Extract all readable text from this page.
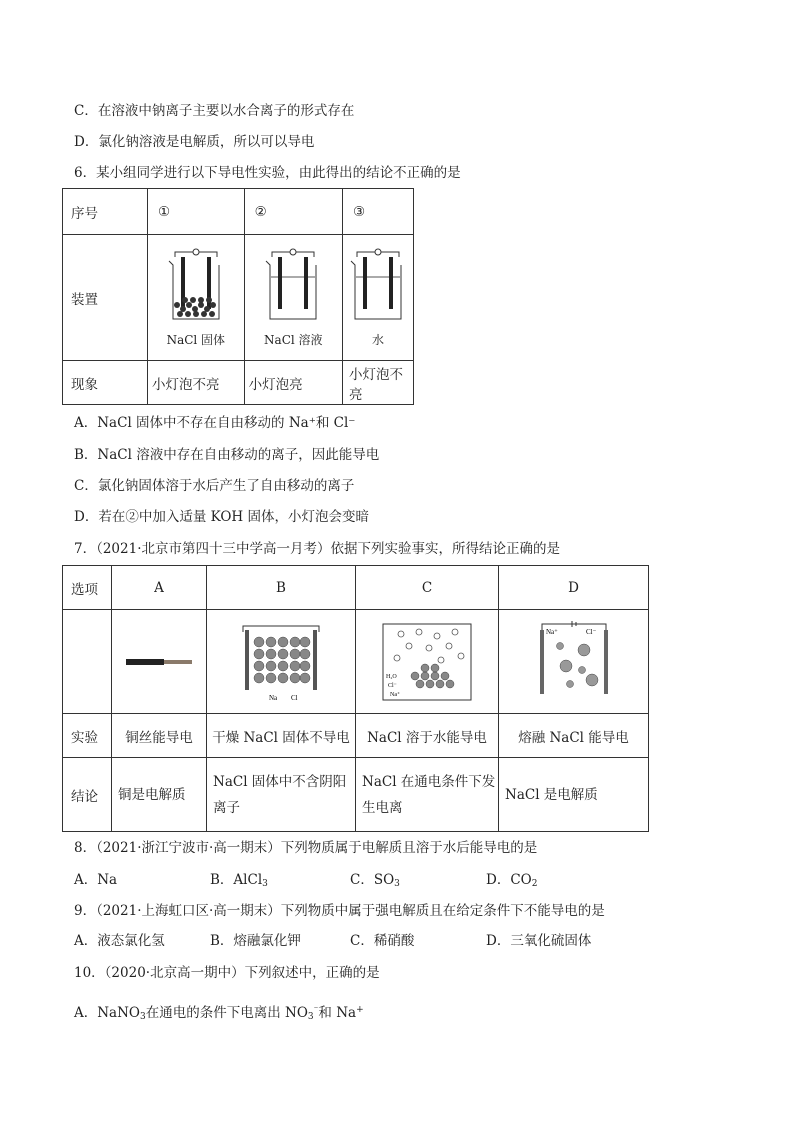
C．在溶液中钠离子主要以水合离子的形式存在
D．氯化钠溶液是电解质，所以可以导电
6．某小组同学进行以下导电性实验，由此得出的结论不正确的是
序号	①	②	③
装置	NaCl 固体	NaCl 溶液	水

现象	小灯泡不亮	小灯泡亮	小灯泡不亮
A．NaCl 固体中不存在自由移动的 Na⁺和 Cl⁻
B．NaCl 溶液中存在自由移动的离子，因此能导电
C．氯化钠固体溶于水后产生了自由移动的离子
D．若在②中加入适量 KOH 固体，小灯泡会变暗
7．（2021·北京市第四十三中学高一月考）依据下列实验事实，所得结论正确的是
选项	A	B	C	D

Na Cl	H₂O
Cl⁻
Na⁺	Na⁺ Cl⁻

实验	铜丝能导电	干燥 NaCl 固体不导电	NaCl 溶于水能导电	熔融 NaCl 能导电
结论	铜是电解质	NaCl 固体中不含阴阳离子	NaCl 在通电条件下发生电离	NaCl 是电解质
8．（2021·浙江宁波市·高一期末）下列物质属于电解质且溶于水后能导电的是
A．Na	B．AlCl$_3$	C．$SO_3$	D．$CO_2$
9．（2021·上海虹口区·高一期末）下列物质中属于强电解质且在给定条件下不能导电的是
A．液态氯化氢	B．熔融氯化钾	C．稀硝酸	D．三氧化硫固体
10．（2020·北京高一期中）下列叙述中，正确的是
A．NaNO$_3$在通电的条件下电离出 $NO_3^{^-}$和 Na+
